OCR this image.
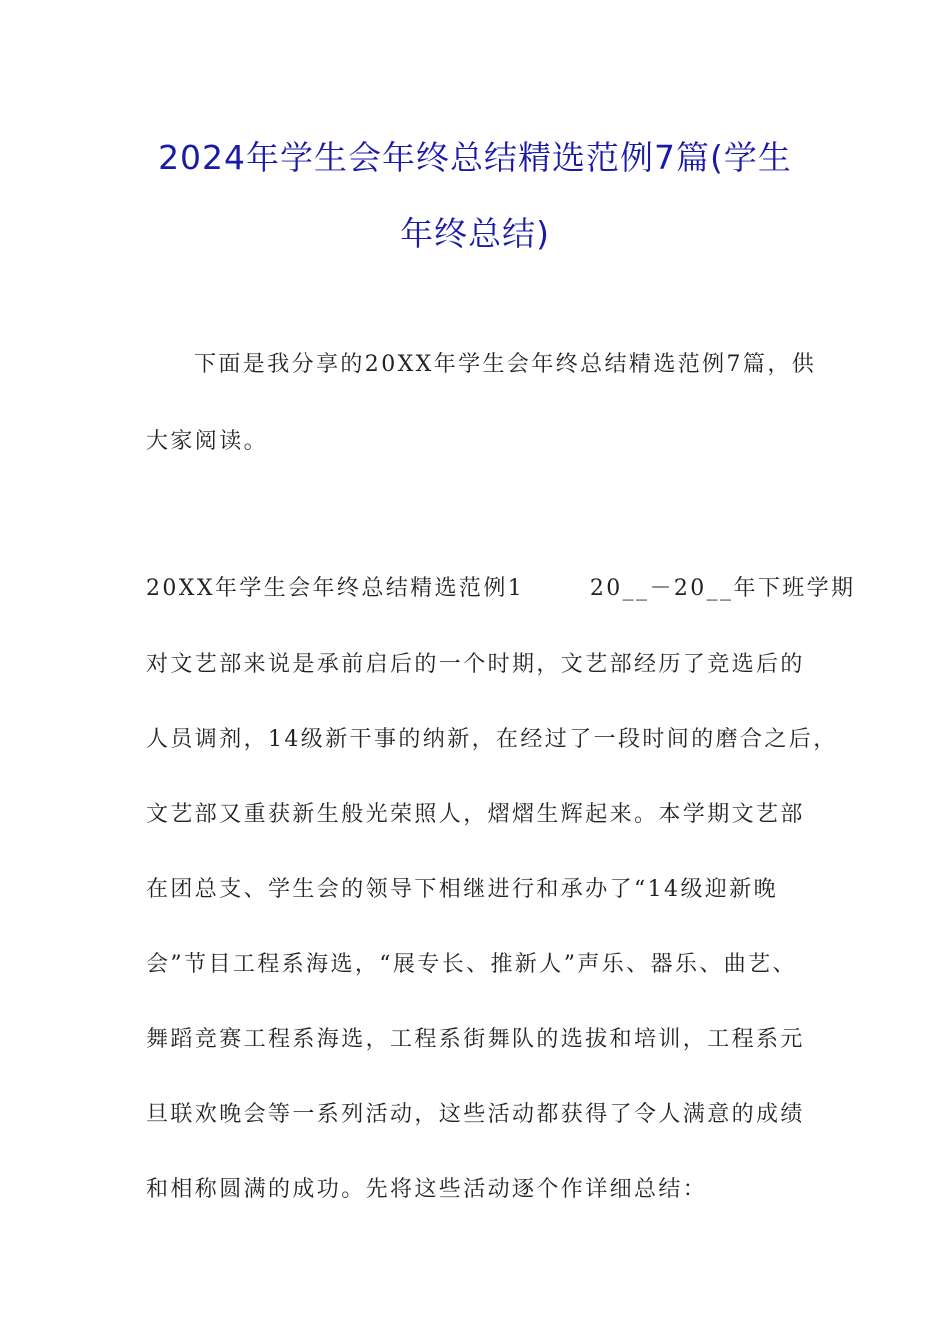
2024年学生会年终总结精选范例7篇(学生
年终总结)
下面是我分享的20XX年学生会年终总结精选范例7篇，供
大家阅读。
20XX年学生会年终总结精选范例1       20__－20__年下班学期
对文艺部来说是承前启后的一个时期，文艺部经历了竞选后的
人员调剂，14级新干事的纳新，在经过了一段时间的磨合之后，
文艺部又重获新生般光荣照人，熠熠生辉起来。本学期文艺部
在团总支、学生会的领导下相继进行和承办了“14级迎新晚
会”节目工程系海选，“展专长、推新人”声乐、器乐、曲艺、
舞蹈竞赛工程系海选，工程系街舞队的选拔和培训，工程系元
旦联欢晚会等一系列活动，这些活动都获得了令人满意的成绩
和相称圆满的成功。先将这些活动逐个作详细总结：
